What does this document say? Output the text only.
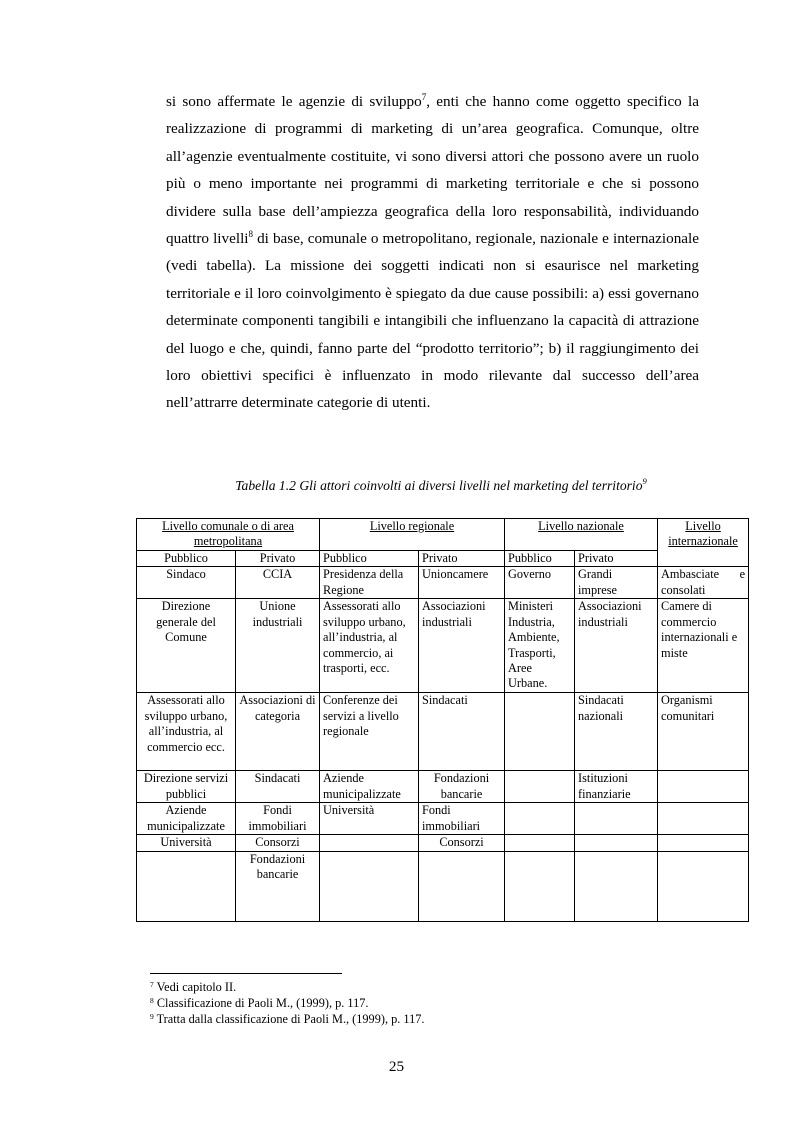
si sono affermate le agenzie di sviluppo$^7$, enti che hanno come oggetto specifico la realizzazione di programmi di marketing di un’area geografica. Comunque, oltre all’agenzie eventualmente costituite, vi sono diversi attori che possono avere un ruolo più o meno importante nei programmi di marketing territoriale e che si possono dividere sulla base dell’ampiezza geografica della loro responsabilità, individuando quattro livelli$^8$ di base, comunale o metropolitano, regionale, nazionale e internazionale (vedi tabella). La missione dei soggetti indicati non si esaurisce nel marketing territoriale e il loro coinvolgimento è spiegato da due cause possibili: a) essi governano determinate componenti tangibili e intangibili che influenzano la capacità di attrazione del luogo e che, quindi, fanno parte del “prodotto territorio”; b) il raggiungimento dei loro obiettivi specifici è influenzato in modo rilevante dal successo dell’area nell’attrarre determinate categorie di utenti.

Tabella 1.2 Gli attori coinvolti ai diversi livelli nel marketing del territorio$^9$
Livello comunale o di area metropolitana		Livello regionale		Livello nazionale		Livello internazionale
Pubblico	Privato	Pubblico	Privato	Pubblico	Privato	
Sindaco	CCIA	Presidenza della Regione	Unioncamere	Governo	Grandi imprese	Ambasciate e consolati
Direzione generale del Comune	Unione industriali	Assessorati allo sviluppo urbano, all’industria, al commercio, ai trasporti, ecc.	Associazioni industriali	Ministeri Industria, Ambiente, Trasporti, Aree Urbane.	Associazioni industriali	Camere di commercio internazionali e miste
Assessorati allo sviluppo urbano, all’industria, al commercio ecc.	Associazioni di categoria	Conferenze dei servizi a livello regionale	Sindacati		Sindacati nazionali	Organismi comunitari
Direzione servizi pubblici	Sindacati	Aziende municipalizzate	Fondazioni bancarie		Istituzioni finanziarie	
Aziende municipalizzate	Fondi immobiliari	Università	Fondi immobiliari			
Università	Consorzi		Consorzi			
	Fondazioni bancarie					
$^7$ Vedi capitolo II.
$^8$ Classificazione di Paoli M., (1999), p. 117.
$^9$ Tratta dalla classificazione di Paoli M., (1999), p. 117.
25
